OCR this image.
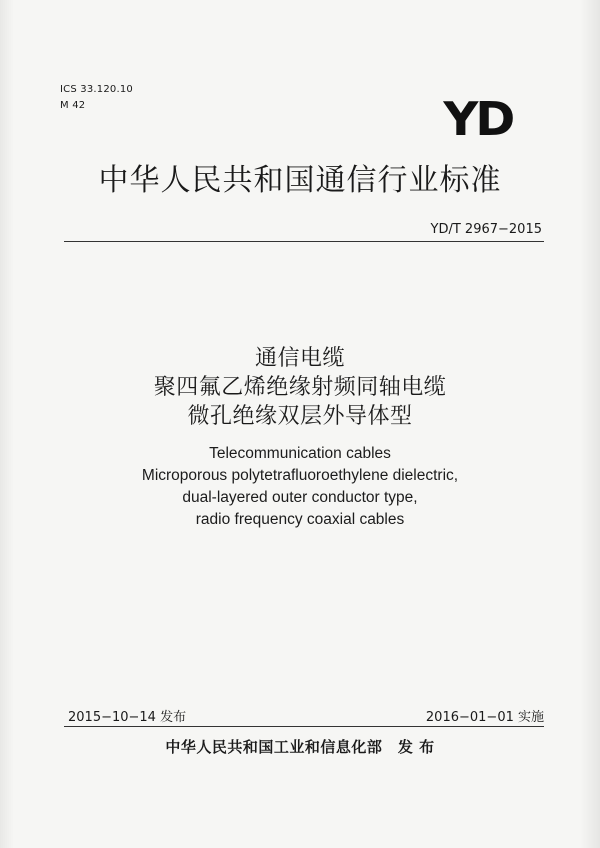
ICS 33.120.10
M 42	YD
中华人民共和国通信行业标准
YD/T 2967−2015
通信电缆
聚四氟乙烯绝缘射频同轴电缆
微孔绝缘双层外导体型
Telecommunication cables
Microporous polytetrafluoroethylene dielectric,
dual-layered outer conductor type,
radio frequency coaxial cables
2015−10−14 发布	2016−01−01 实施
中华人民共和国工业和信息化部　发 布
